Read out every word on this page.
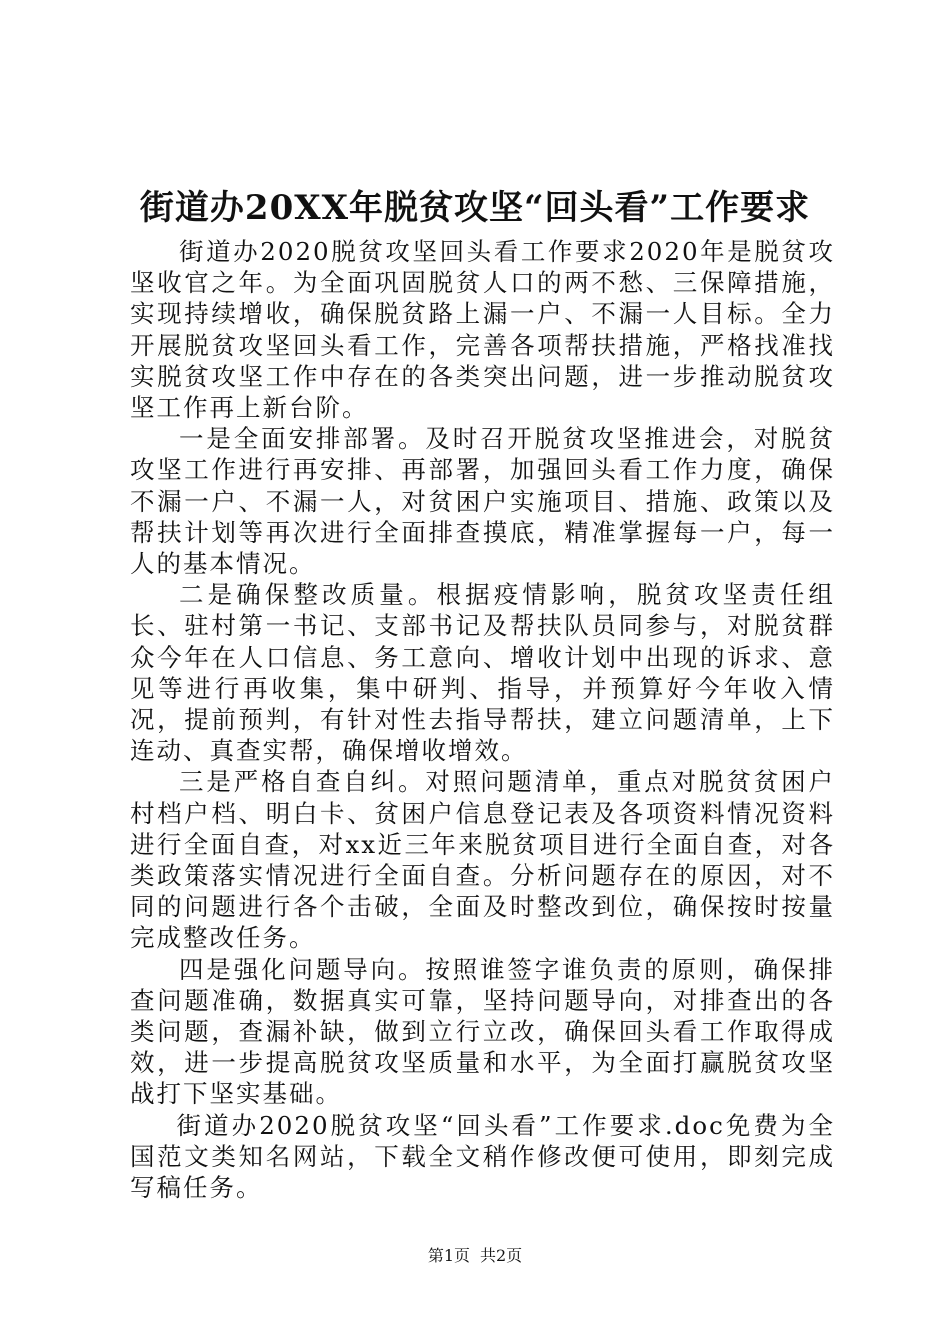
街道办20XX年脱贫攻坚“回头看”工作要求

街道办2020脱贫攻坚回头看工作要求2020年是脱贫攻坚收官之年。为全面巩固脱贫人口的两不愁、三保障措施，实现持续增收，确保脱贫路上漏一户、不漏一人目标。全力开展脱贫攻坚回头看工作，完善各项帮扶措施，严格找准找实脱贫攻坚工作中存在的各类突出问题，进一步推动脱贫攻坚工作再上新台阶。

一是全面安排部署。及时召开脱贫攻坚推进会，对脱贫攻坚工作进行再安排、再部署，加强回头看工作力度，确保不漏一户、不漏一人，对贫困户实施项目、措施、政策以及帮扶计划等再次进行全面排查摸底，精准掌握每一户，每一人的基本情况。

二是确保整改质量。根据疫情影响，脱贫攻坚责任组长、驻村第一书记、支部书记及帮扶队员同参与，对脱贫群众今年在人口信息、务工意向、增收计划中出现的诉求、意见等进行再收集，集中研判、指导，并预算好今年收入情况，提前预判，有针对性去指导帮扶，建立问题清单，上下连动、真查实帮，确保增收增效。

三是严格自查自纠。对照问题清单，重点对脱贫贫困户村档户档、明白卡、贫困户信息登记表及各项资料情况资料进行全面自查，对xx近三年来脱贫项目进行全面自查，对各类政策落实情况进行全面自查。分析问题存在的原因，对不同的问题进行各个击破，全面及时整改到位，确保按时按量完成整改任务。

四是强化问题导向。按照谁签字谁负责的原则，确保排查问题准确，数据真实可靠，坚持问题导向，对排查出的各类问题，查漏补缺，做到立行立改，确保回头看工作取得成效，进一步提高脱贫攻坚质量和水平，为全面打赢脱贫攻坚战打下坚实基础。

街道办2020脱贫攻坚“回头看”工作要求.doc免费为全国范文类知名网站，下载全文稍作修改便可使用，即刻完成写稿任务。

第1页 共2页
